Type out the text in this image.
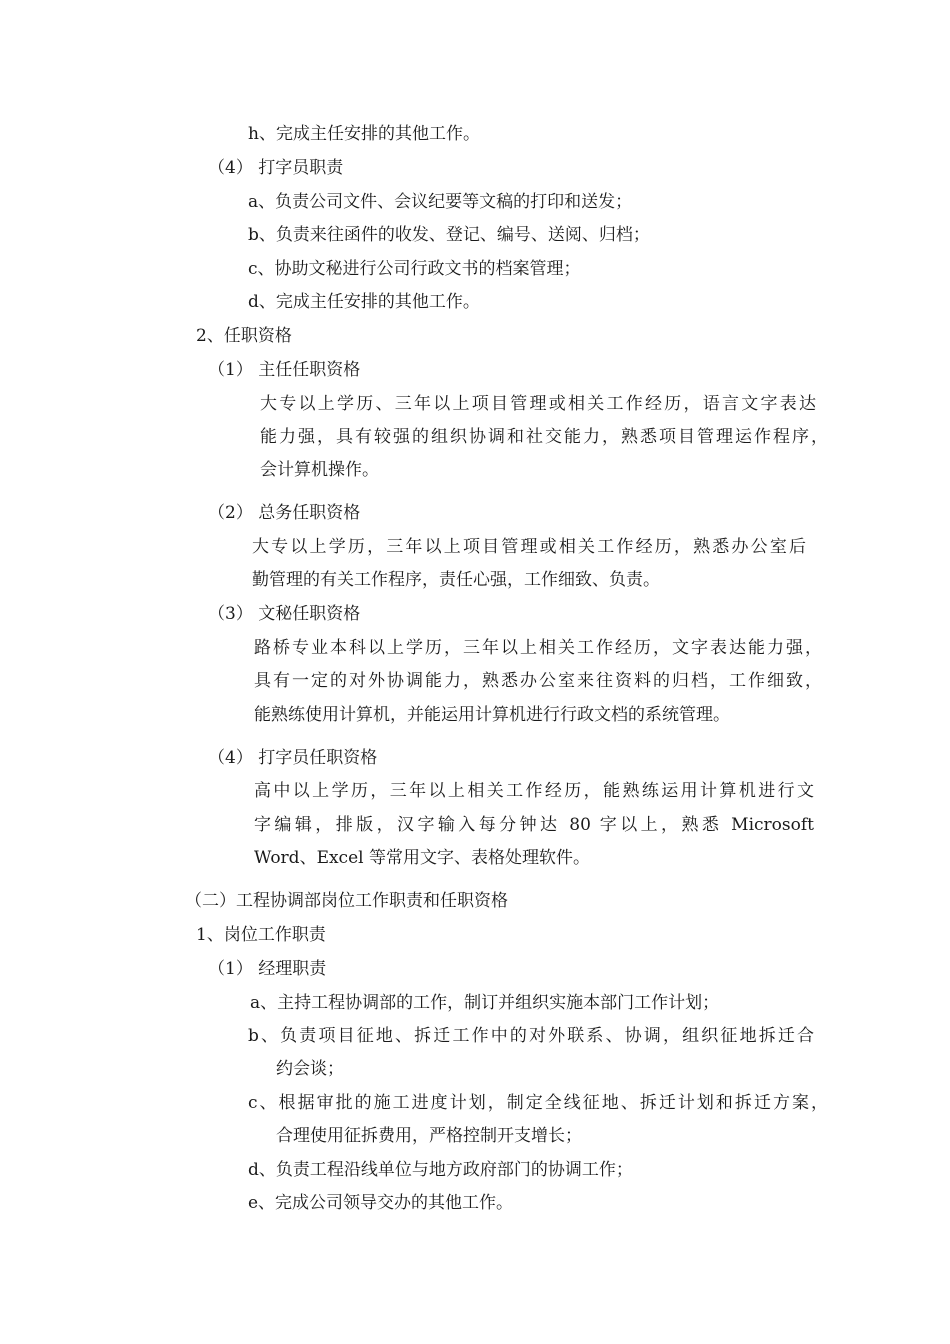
h、完成主任安排的其他工作。

（4） 打字员职责

a、负责公司文件、会议纪要等文稿的打印和送发；

b、负责来往函件的收发、登记、编号、送阅、归档；

c、协助文秘进行公司行政文书的档案管理；

d、完成主任安排的其他工作。

2、任职资格

（1） 主任任职资格

大专以上学历、三年以上项目管理或相关工作经历，语言文字表达

能力强，具有较强的组织协调和社交能力，熟悉项目管理运作程序，

会计算机操作。

（2） 总务任职资格

大专以上学历，三年以上项目管理或相关工作经历，熟悉办公室后

勤管理的有关工作程序，责任心强，工作细致、负责。

（3） 文秘任职资格

路桥专业本科以上学历，三年以上相关工作经历，文字表达能力强，

具有一定的对外协调能力，熟悉办公室来往资料的归档，工作细致，

能熟练使用计算机，并能运用计算机进行行政文档的系统管理。

（4） 打字员任职资格

高中以上学历，三年以上相关工作经历，能熟练运用计算机进行文

字编辑，排版，汉字输入每分钟达 80 字以上，熟悉 Microsoft

Word、Excel 等常用文字、表格处理软件。

（二）工程协调部岗位工作职责和任职资格

1、岗位工作职责

（1） 经理职责

a、主持工程协调部的工作，制订并组织实施本部门工作计划；

b、负责项目征地、拆迁工作中的对外联系、协调，组织征地拆迁合

约会谈；

c、根据审批的施工进度计划，制定全线征地、拆迁计划和拆迁方案，

合理使用征拆费用，严格控制开支增长；

d、负责工程沿线单位与地方政府部门的协调工作；

e、完成公司领导交办的其他工作。
